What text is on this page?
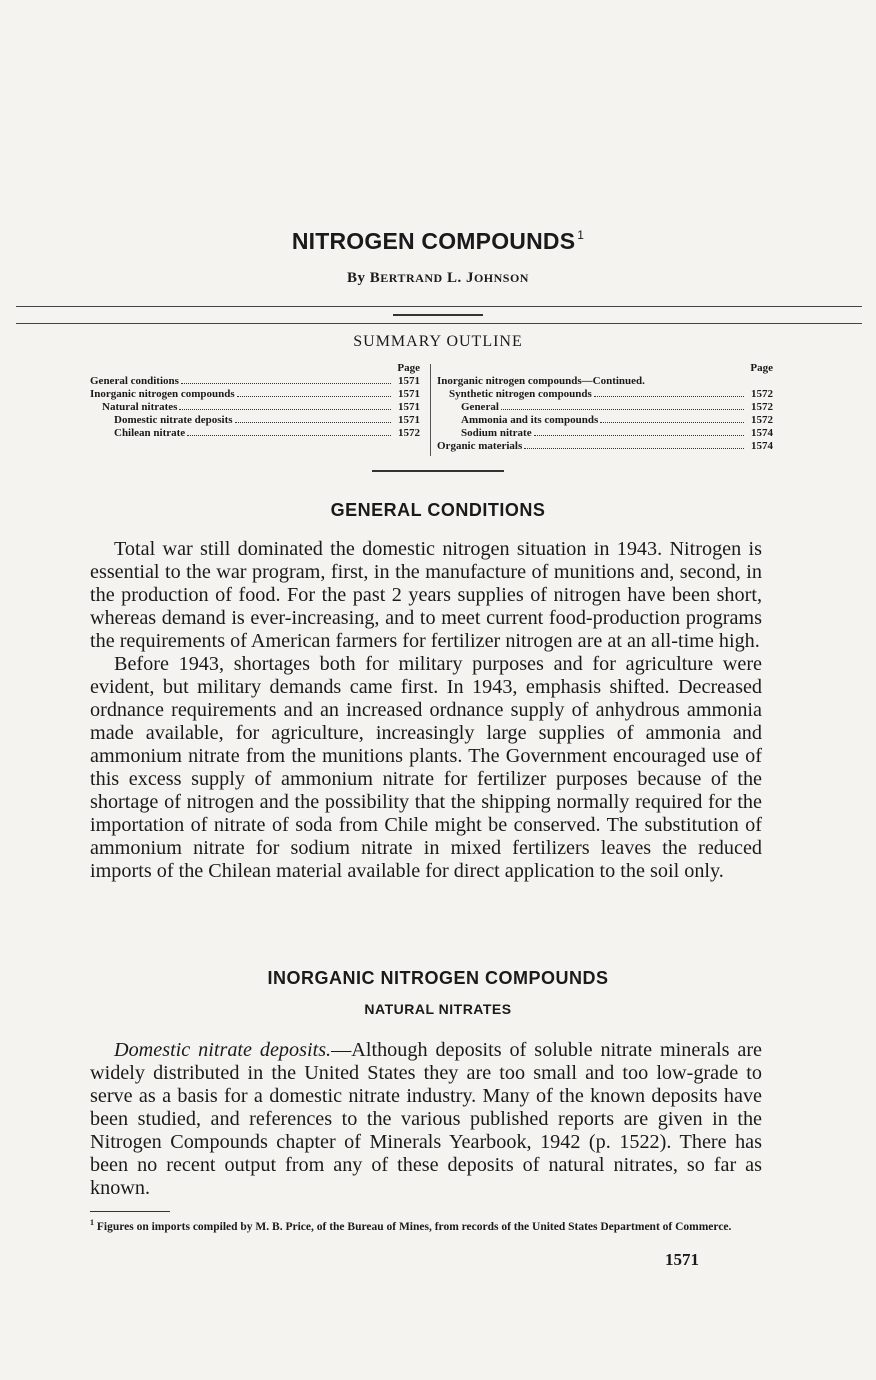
NITROGEN COMPOUNDS $^1$
By BERTRAND L. JOHNSON
SUMMARY OUTLINE
Page
General conditions	1571
Inorganic nitrogen compounds	1571
Natural nitrates	1571
Domestic nitrate deposits	1571
Chilean nitrate	1572
Page
Inorganic nitrogen compounds—Continued.
Synthetic nitrogen compounds	1572
General	1572
Ammonia and its compounds	1572
Sodium nitrate	1574
Organic materials	1574
GENERAL CONDITIONS

Total war still dominated the domestic nitrogen situation in 1943. Nitrogen is essential to the war program, first, in the manufacture of munitions and, second, in the production of food. For the past 2 years supplies of nitrogen have been short, whereas demand is ever-increasing, and to meet current food-production programs the requirements of American farmers for fertilizer nitrogen are at an all-time high.

Before 1943, shortages both for military purposes and for agriculture were evident, but military demands came first. In 1943, emphasis shifted. Decreased ordnance requirements and an increased ordnance supply of anhydrous ammonia made available, for agriculture, increasingly large supplies of ammonia and ammonium nitrate from the munitions plants. The Government encouraged use of this excess supply of ammonium nitrate for fertilizer purposes because of the shortage of nitrogen and the possibility that the shipping normally required for the importation of nitrate of soda from Chile might be conserved. The substitution of ammonium nitrate for sodium nitrate in mixed fertilizers leaves the reduced imports of the Chilean material available for direct application to the soil only.

INORGANIC NITROGEN COMPOUNDS
NATURAL NITRATES

Domestic nitrate deposits.—Although deposits of soluble nitrate minerals are widely distributed in the United States they are too small and too low-grade to serve as a basis for a domestic nitrate industry. Many of the known deposits have been studied, and references to the various published reports are given in the Nitrogen Compounds chapter of Minerals Yearbook, 1942 (p. 1522). There has been no recent output from any of these deposits of natural nitrates, so far as known.

$^1$ Figures on imports compiled by M. B. Price, of the Bureau of Mines, from records of the United States Department of Commerce.
1571
